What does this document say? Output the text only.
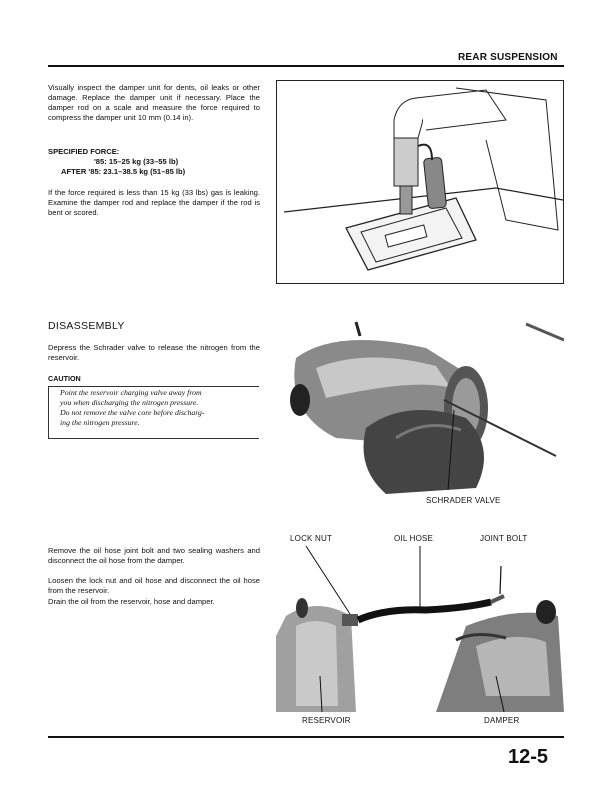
REAR SUSPENSION
Visually inspect the damper unit for dents, oil leaks or other damage. Replace the damper unit if necessary. Place the damper rod on a scale and measure the force required to compress the damper unit 10 mm (0.14 in).
SPECIFIED FORCE:
'85: 15–25 kg (33–55 lb)
AFTER '85: 23.1–38.5 kg (51–85 lb)
If the force required is less than 15 kg (33 lbs) gas is leaking. Examine the damper rod and replace the damper if the rod is bent or scored.
DISASSEMBLY
Depress the Schrader valve to release the nitrogen from the reservoir.
CAUTION
Point the reservoir charging valve away from
you when discharging the nitrogen pressure.
Do not remove the valve core before discharg-
ing the nitrogen pressure.
SCHRADER VALVE
Remove the oil hose joint bolt and two sealing washers and disconnect the oil hose from the damper.
Loosen the lock nut and oil hose and disconnect the oil hose from the reservoir.
Drain the oil from the reservoir, hose and damper.
LOCK NUT	OIL HOSE	JOINT BOLT
RESERVOIR	DAMPER
12-5
